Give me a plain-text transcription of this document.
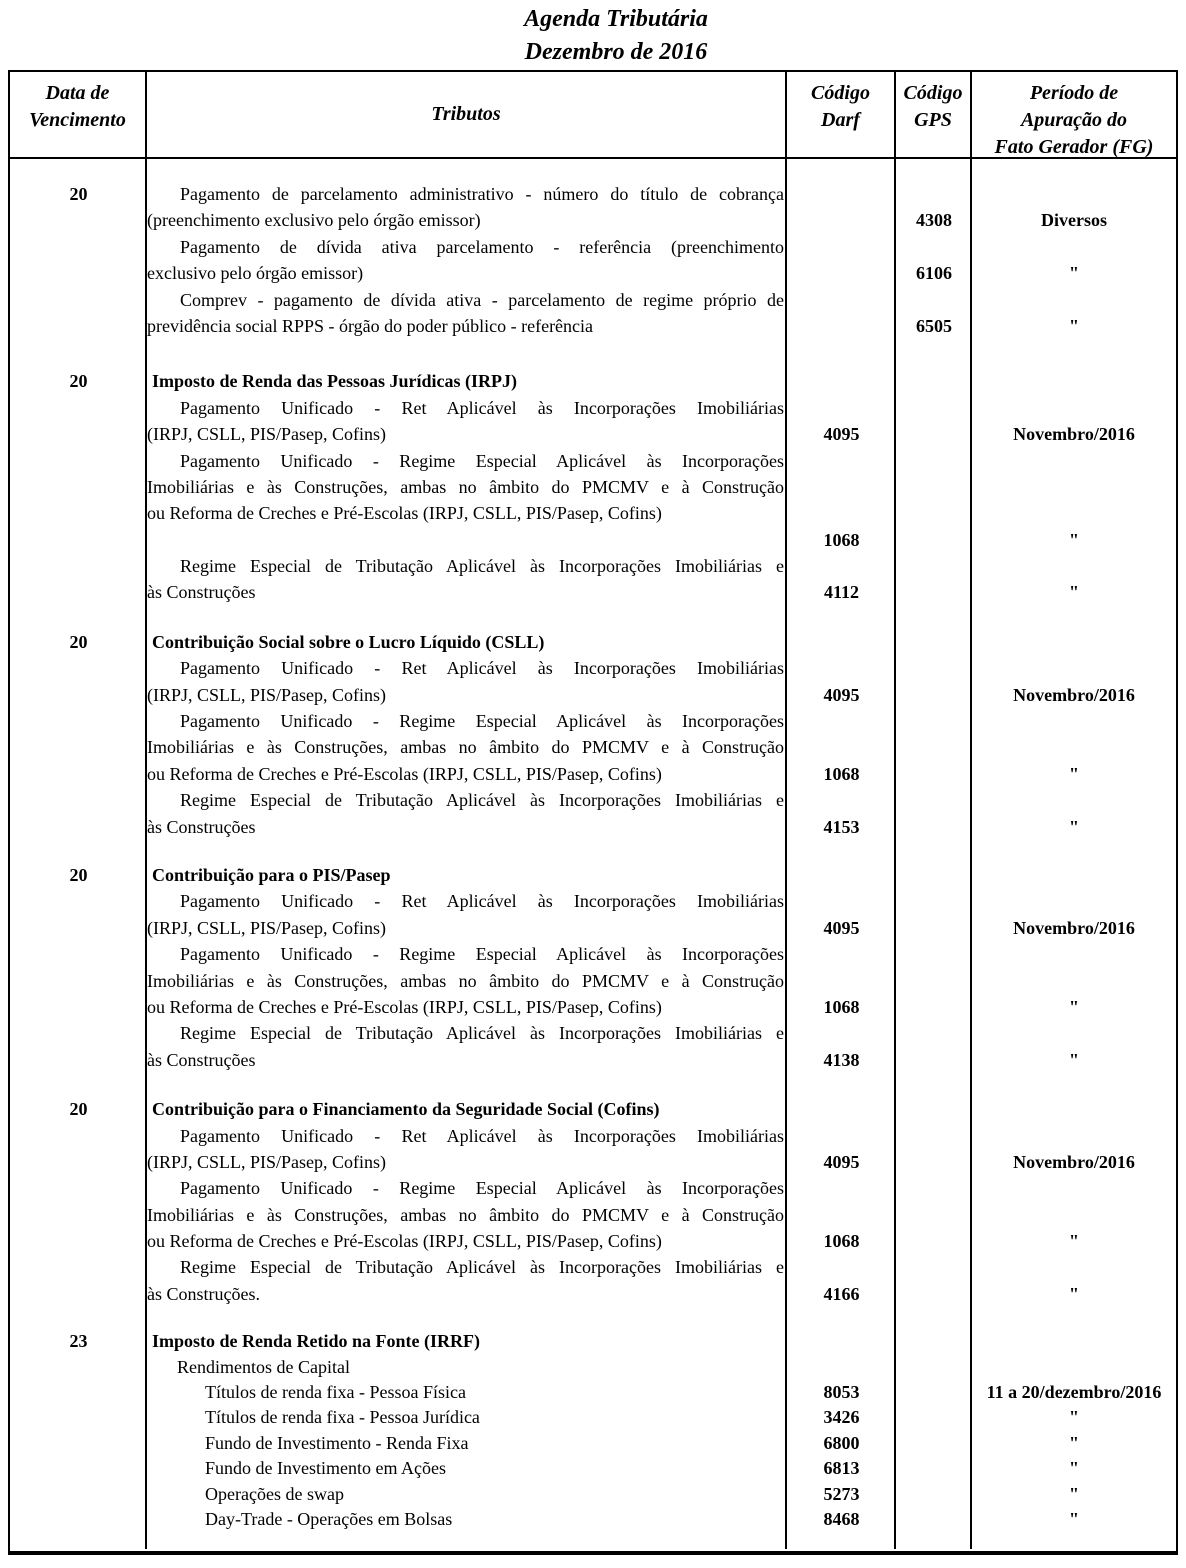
Agenda Tributária
Dezembro de 2016
Data de
Vencimento	Tributos
Código
Darf
Código
GPS
Período de
Apuração do
Fato Gerador (FG)
20	Pagamento de parcelamento administrativo - número do título de cobrança
(preenchimento exclusivo pelo órgão emissor)	4308	Diversos
Pagamento de dívida ativa parcelamento - referência (preenchimento
exclusivo pelo órgão emissor)	6106	"
Comprev - pagamento de dívida ativa - parcelamento de regime próprio de
previdência social RPPS - órgão do poder público - referência	6505	"
20	Imposto de Renda das Pessoas Jurídicas (IRPJ)
Pagamento Unificado - Ret Aplicável às Incorporações Imobiliárias
(IRPJ, CSLL, PIS/Pasep, Cofins)	4095	Novembro/2016
Pagamento Unificado - Regime Especial Aplicável às Incorporações
Imobiliárias e às Construções, ambas no âmbito do PMCMV e à Construção
ou Reforma de Creches e Pré-Escolas (IRPJ, CSLL, PIS/Pasep, Cofins)
1068	"
Regime Especial de Tributação Aplicável às Incorporações Imobiliárias e
às Construções	4112	"
20	Contribuição Social sobre o Lucro Líquido (CSLL)
Pagamento Unificado - Ret Aplicável às Incorporações Imobiliárias
(IRPJ, CSLL, PIS/Pasep, Cofins)	4095	Novembro/2016
Pagamento Unificado - Regime Especial Aplicável às Incorporações
Imobiliárias e às Construções, ambas no âmbito do PMCMV e à Construção
ou Reforma de Creches e Pré-Escolas (IRPJ, CSLL, PIS/Pasep, Cofins)	1068	"
Regime Especial de Tributação Aplicável às Incorporações Imobiliárias e
às Construções	4153	"
20	Contribuição para o PIS/Pasep
Pagamento Unificado - Ret Aplicável às Incorporações Imobiliárias
(IRPJ, CSLL, PIS/Pasep, Cofins)	4095	Novembro/2016
Pagamento Unificado - Regime Especial Aplicável às Incorporações
Imobiliárias e às Construções, ambas no âmbito do PMCMV e à Construção
ou Reforma de Creches e Pré-Escolas (IRPJ, CSLL, PIS/Pasep, Cofins)	1068	"
Regime Especial de Tributação Aplicável às Incorporações Imobiliárias e
às Construções	4138	"
20	Contribuição para o Financiamento da Seguridade Social (Cofins)
Pagamento Unificado - Ret Aplicável às Incorporações Imobiliárias
(IRPJ, CSLL, PIS/Pasep, Cofins)	4095	Novembro/2016
Pagamento Unificado - Regime Especial Aplicável às Incorporações
Imobiliárias e às Construções, ambas no âmbito do PMCMV e à Construção
ou Reforma de Creches e Pré-Escolas (IRPJ, CSLL, PIS/Pasep, Cofins)	1068	"
Regime Especial de Tributação Aplicável às Incorporações Imobiliárias e
às Construções.	4166	"
23	Imposto de Renda Retido na Fonte (IRRF)
Rendimentos de Capital
Títulos de renda fixa - Pessoa Física	8053	11 a 20/dezembro/2016
Títulos de renda fixa - Pessoa Jurídica	3426	"
Fundo de Investimento - Renda Fixa	6800	"
Fundo de Investimento em Ações	6813	"
Operações de swap	5273	"
Day-Trade - Operações em Bolsas	8468	"
